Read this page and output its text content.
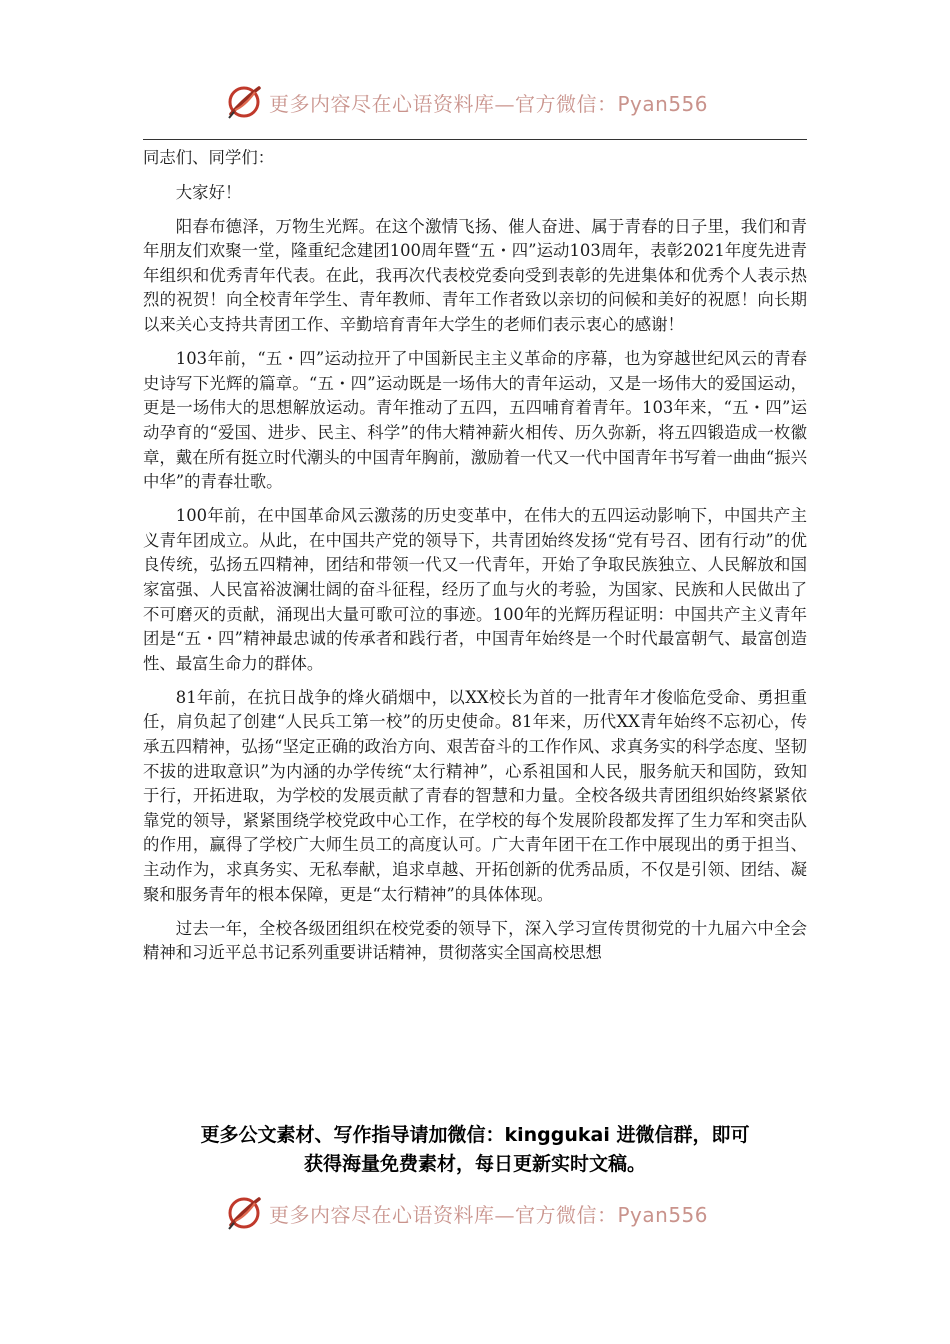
更多内容尽在心语资料库—官方微信：Pyan556

同志们、同学们：

大家好！

阳春布德泽，万物生光辉。在这个激情飞扬、催人奋进、属于青春的日子里，我们和青年朋友们欢聚一堂，隆重纪念建团100周年暨“五・四”运动103周年，表彰2021年度先进青年组织和优秀青年代表。在此，我再次代表校党委向受到表彰的先进集体和优秀个人表示热烈的祝贺！向全校青年学生、青年教师、青年工作者致以亲切的问候和美好的祝愿！向长期以来关心支持共青团工作、辛勤培育青年大学生的老师们表示衷心的感谢！

103年前，“五・四”运动拉开了中国新民主主义革命的序幕，也为穿越世纪风云的青春史诗写下光辉的篇章。“五・四”运动既是一场伟大的青年运动，又是一场伟大的爱国运动，更是一场伟大的思想解放运动。青年推动了五四，五四哺育着青年。103年来，“五・四”运动孕育的“爱国、进步、民主、科学”的伟大精神薪火相传、历久弥新，将五四锻造成一枚徽章，戴在所有挺立时代潮头的中国青年胸前，激励着一代又一代中国青年书写着一曲曲“振兴中华”的青春壮歌。

100年前，在中国革命风云激荡的历史变革中，在伟大的五四运动影响下，中国共产主义青年团成立。从此，在中国共产党的领导下，共青团始终发扬“党有号召、团有行动”的优良传统，弘扬五四精神，团结和带领一代又一代青年，开始了争取民族独立、人民解放和国家富强、人民富裕波澜壮阔的奋斗征程，经历了血与火的考验，为国家、民族和人民做出了不可磨灭的贡献，涌现出大量可歌可泣的事迹。100年的光辉历程证明：中国共产主义青年团是“五・四”精神最忠诚的传承者和践行者，中国青年始终是一个时代最富朝气、最富创造性、最富生命力的群体。

81年前，在抗日战争的烽火硝烟中，以XX校长为首的一批青年才俊临危受命、勇担重任，肩负起了创建“人民兵工第一校”的历史使命。81年来，历代XX青年始终不忘初心，传承五四精神，弘扬“坚定正确的政治方向、艰苦奋斗的工作作风、求真务实的科学态度、坚韧不拔的进取意识”为内涵的办学传统“太行精神”，心系祖国和人民，服务航天和国防，致知于行，开拓进取，为学校的发展贡献了青春的智慧和力量。全校各级共青团组织始终紧紧依靠党的领导，紧紧围绕学校党政中心工作，在学校的每个发展阶段都发挥了生力军和突击队的作用，赢得了学校广大师生员工的高度认可。广大青年团干在工作中展现出的勇于担当、主动作为，求真务实、无私奉献，追求卓越、开拓创新的优秀品质，不仅是引领、团结、凝聚和服务青年的根本保障，更是“太行精神”的具体体现。

过去一年，全校各级团组织在校党委的领导下，深入学习宣传贯彻党的十九届六中全会精神和习近平总书记系列重要讲话精神，贯彻落实全国高校思想

更多公文素材、写作指导请加微信：kinggukai 进微信群，即可
获得海量免费素材，每日更新实时文稿。
更多内容尽在心语资料库—官方微信：Pyan556
